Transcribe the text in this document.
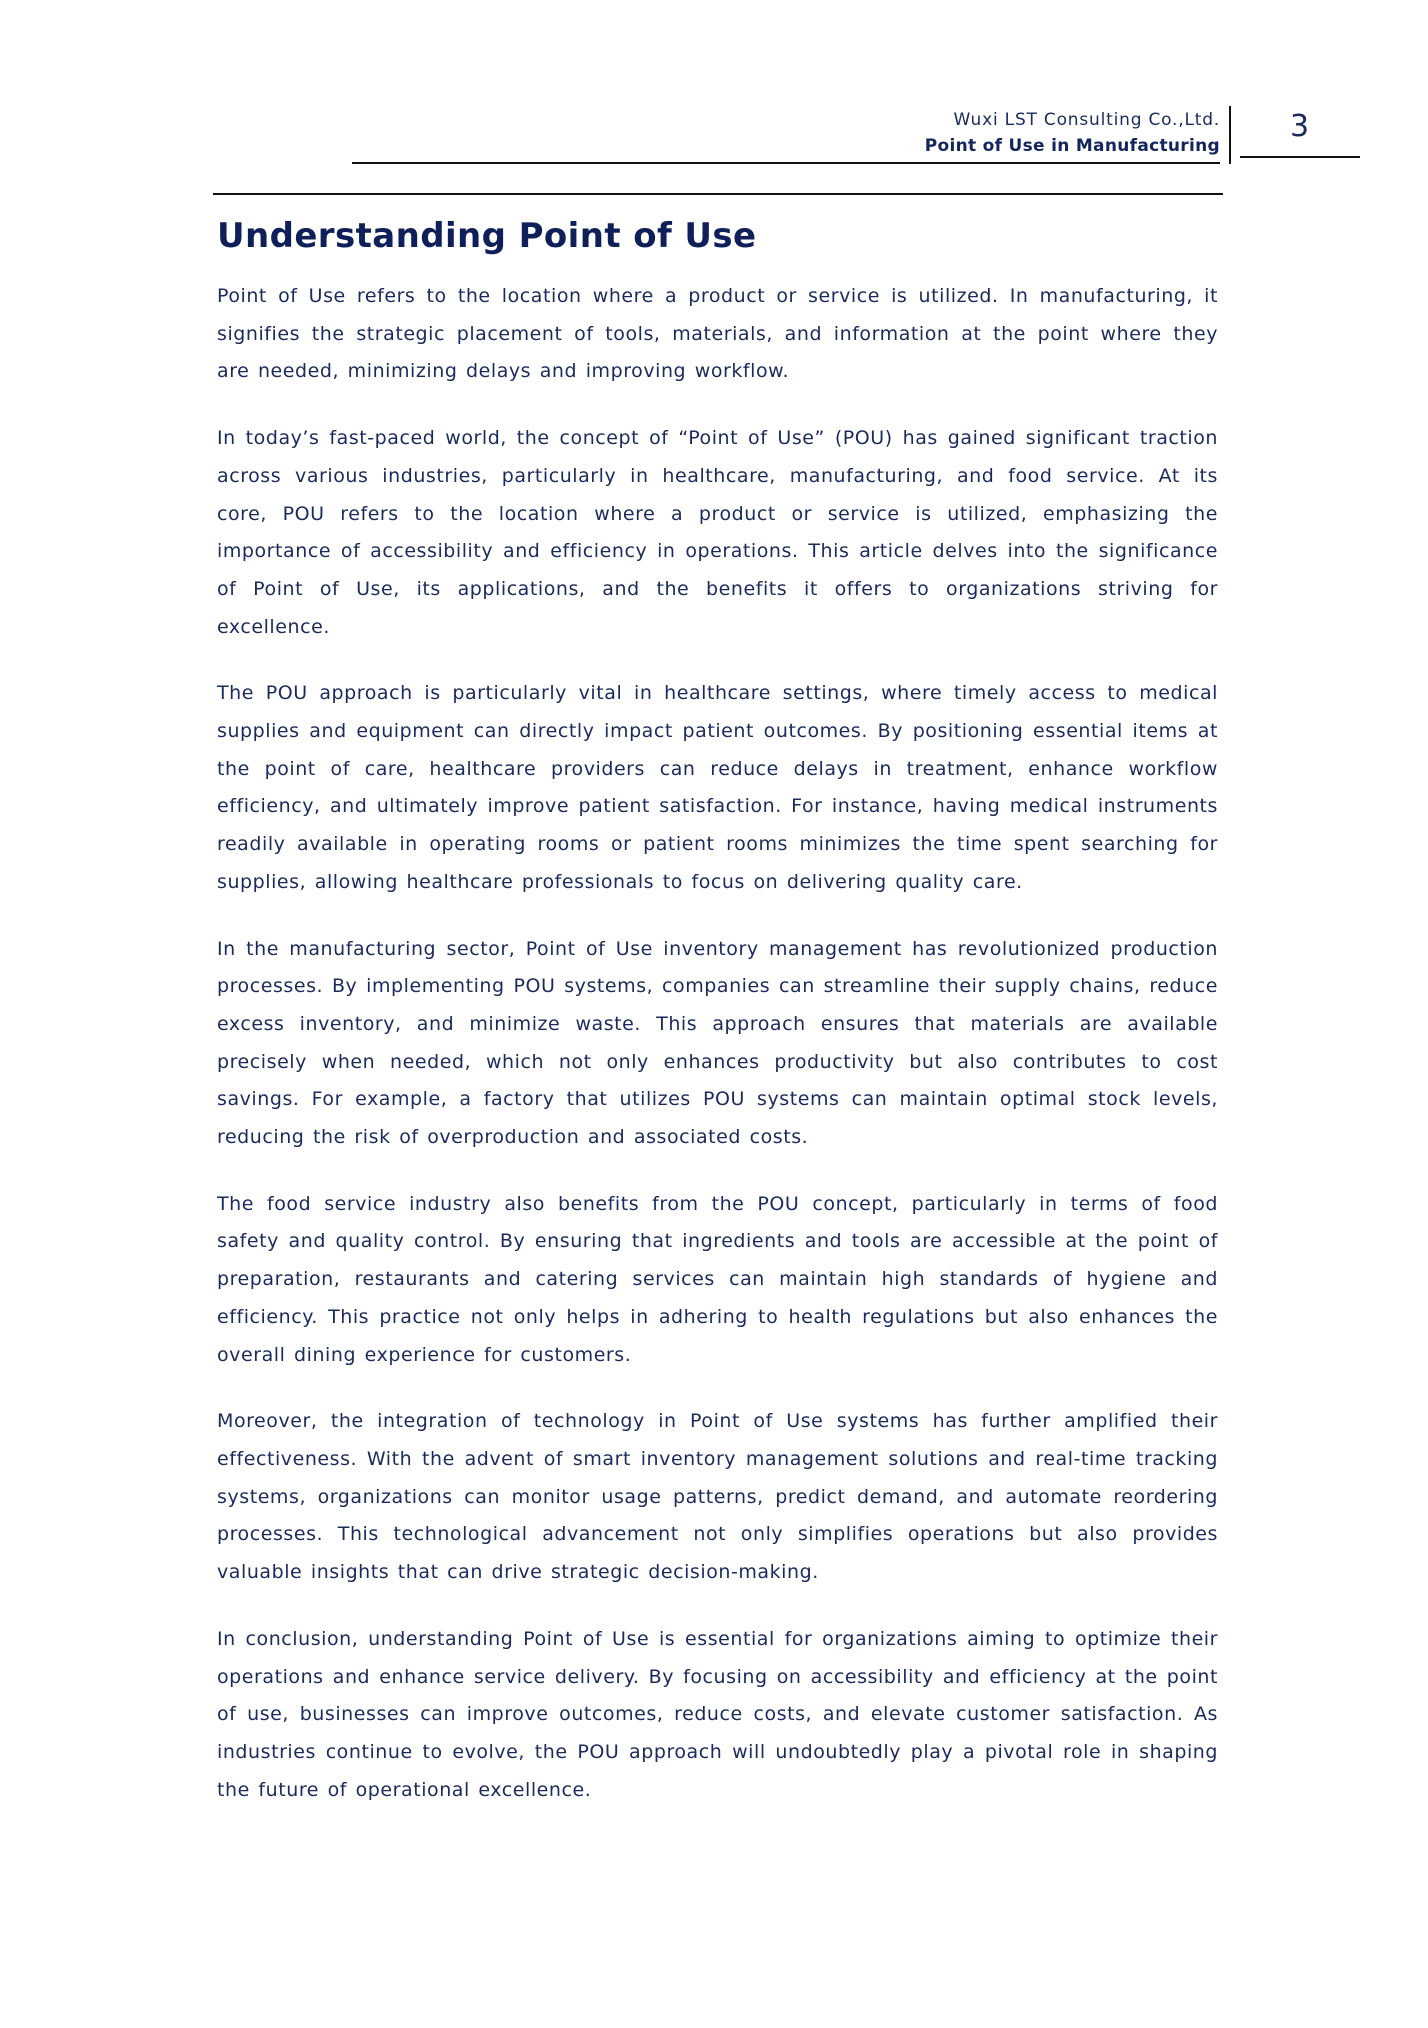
Wuxi LST Consulting Co.,Ltd.
Point of Use in Manufacturing
3
Understanding Point of Use

Point of Use refers to the location where a product or service is utilized. In manufacturing, it signifies the strategic placement of tools, materials, and information at the point where they are needed, minimizing delays and improving workflow.

In today’s fast-paced world, the concept of “Point of Use” (POU) has gained significant traction across various industries, particularly in healthcare, manufacturing, and food service. At its core, POU refers to the location where a product or service is utilized, emphasizing the importance of accessibility and efficiency in operations. This article delves into the significance of Point of Use, its applications, and the benefits it offers to organizations striving for excellence.

The POU approach is particularly vital in healthcare settings, where timely access to medical supplies and equipment can directly impact patient outcomes. By positioning essential items at the point of care, healthcare providers can reduce delays in treatment, enhance workflow efficiency, and ultimately improve patient satisfaction. For instance, having medical instruments readily available in operating rooms or patient rooms minimizes the time spent searching for supplies, allowing healthcare professionals to focus on delivering quality care.

In the manufacturing sector, Point of Use inventory management has revolutionized production processes. By implementing POU systems, companies can streamline their supply chains, reduce excess inventory, and minimize waste. This approach ensures that materials are available precisely when needed, which not only enhances productivity but also contributes to cost savings. For example, a factory that utilizes POU systems can maintain optimal stock levels, reducing the risk of overproduction and associated costs.

The food service industry also benefits from the POU concept, particularly in terms of food safety and quality control. By ensuring that ingredients and tools are accessible at the point of preparation, restaurants and catering services can maintain high standards of hygiene and efficiency. This practice not only helps in adhering to health regulations but also enhances the overall dining experience for customers.

Moreover, the integration of technology in Point of Use systems has further amplified their effectiveness. With the advent of smart inventory management solutions and real-time tracking systems, organizations can monitor usage patterns, predict demand, and automate reordering processes. This technological advancement not only simplifies operations but also provides valuable insights that can drive strategic decision-making.

In conclusion, understanding Point of Use is essential for organizations aiming to optimize their operations and enhance service delivery. By focusing on accessibility and efficiency at the point of use, businesses can improve outcomes, reduce costs, and elevate customer satisfaction. As industries continue to evolve, the POU approach will undoubtedly play a pivotal role in shaping the future of operational excellence.
